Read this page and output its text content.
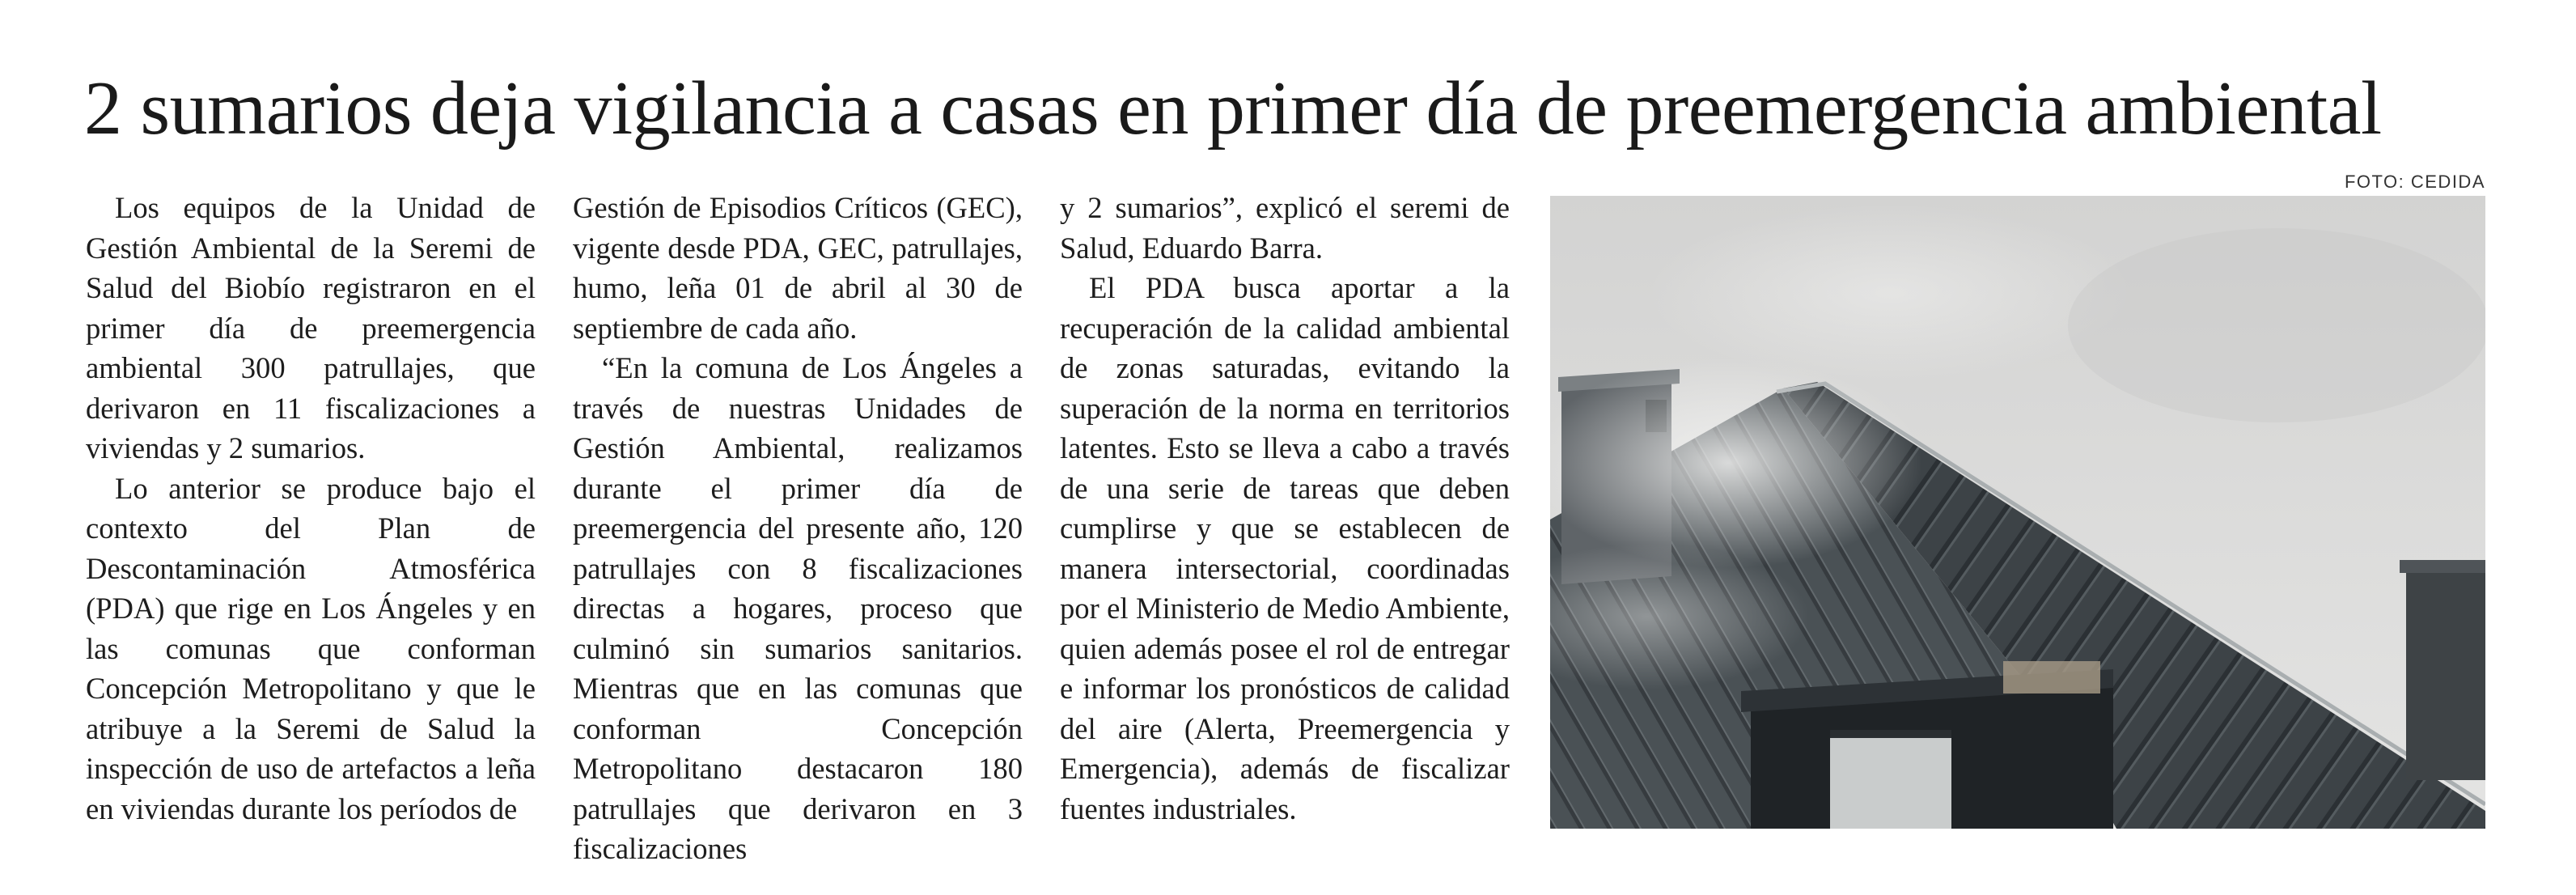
2 sumarios deja vigilancia a casas en primer día de preemergencia ambiental

Los equipos de la Unidad de Gestión Ambiental de la Seremi de Salud del Biobío registraron en el primer día de preemergencia ambiental 300 patrullajes, que derivaron en 11 fiscalizaciones a viviendas y 2 sumarios.

Lo anterior se produce bajo el contexto del Plan de Descontaminación Atmosférica (PDA) que rige en Los Ángeles y en las comunas que conforman Concepción Metropolitano y que le atribuye a la Seremi de Salud la inspección de uso de artefactos a leña en viviendas durante los períodos de

Gestión de Episodios Críticos (GEC), vigente desde PDA, GEC, patrullajes, humo, leña 01 de abril al 30 de septiembre de cada año.

“En la comuna de Los Ángeles a través de nuestras Unidades de Gestión Ambiental, realizamos durante el primer día de preemergencia del presente año, 120 patrullajes con 8 fiscalizaciones directas a hogares, proceso que culminó sin sumarios sanitarios. Mientras que en las comunas que conforman Concepción Metropolitano destacaron 180 patrullajes que derivaron en 3 fiscalizaciones

y 2 sumarios”, explicó el seremi de Salud, Eduardo Barra.

El PDA busca aportar a la recuperación de la calidad ambiental de zonas saturadas, evitando la superación de la norma en territorios latentes. Esto se lleva a cabo a través de una serie de tareas que deben cumplirse y que se establecen de manera intersectorial, coordinadas por el Ministerio de Medio Ambiente, quien además posee el rol de entregar e informar los pronósticos de calidad del aire (Alerta, Preemergencia y Emergencia), además de fiscalizar fuentes industriales.

FOTO: CEDIDA
